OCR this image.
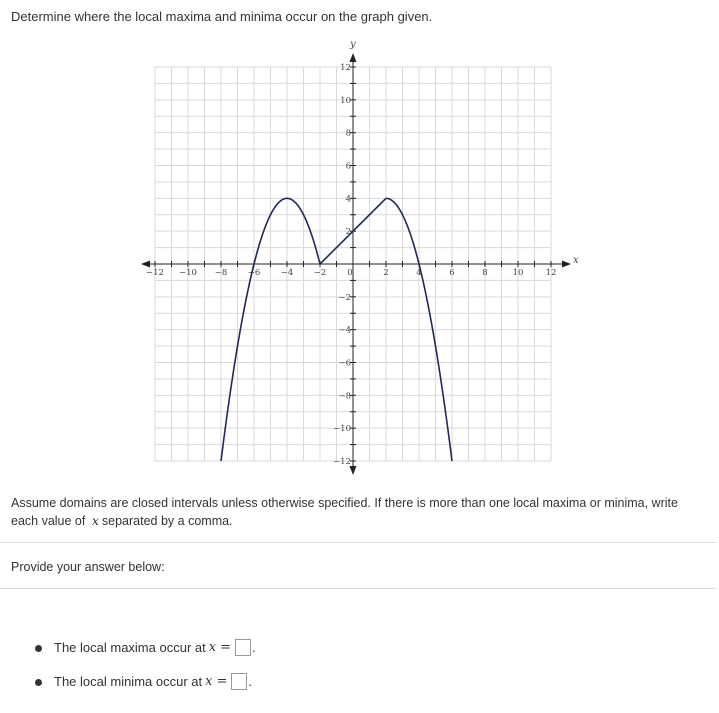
Determine where the local maxima and minima occur on the graph given.
x
y
−12 −10 −8 −6 −4 −2	2	4	6	8	10	12
−12
−10
−8
−6
−4
−2
2
4
6
8
10
12
0

Assume domains are closed intervals unless otherwise specified. If there is more than one local maxima or minima, write each value of x separated by a comma.

Provide your answer below:

The local maxima occur at x = .
The local minima occur at x = .
